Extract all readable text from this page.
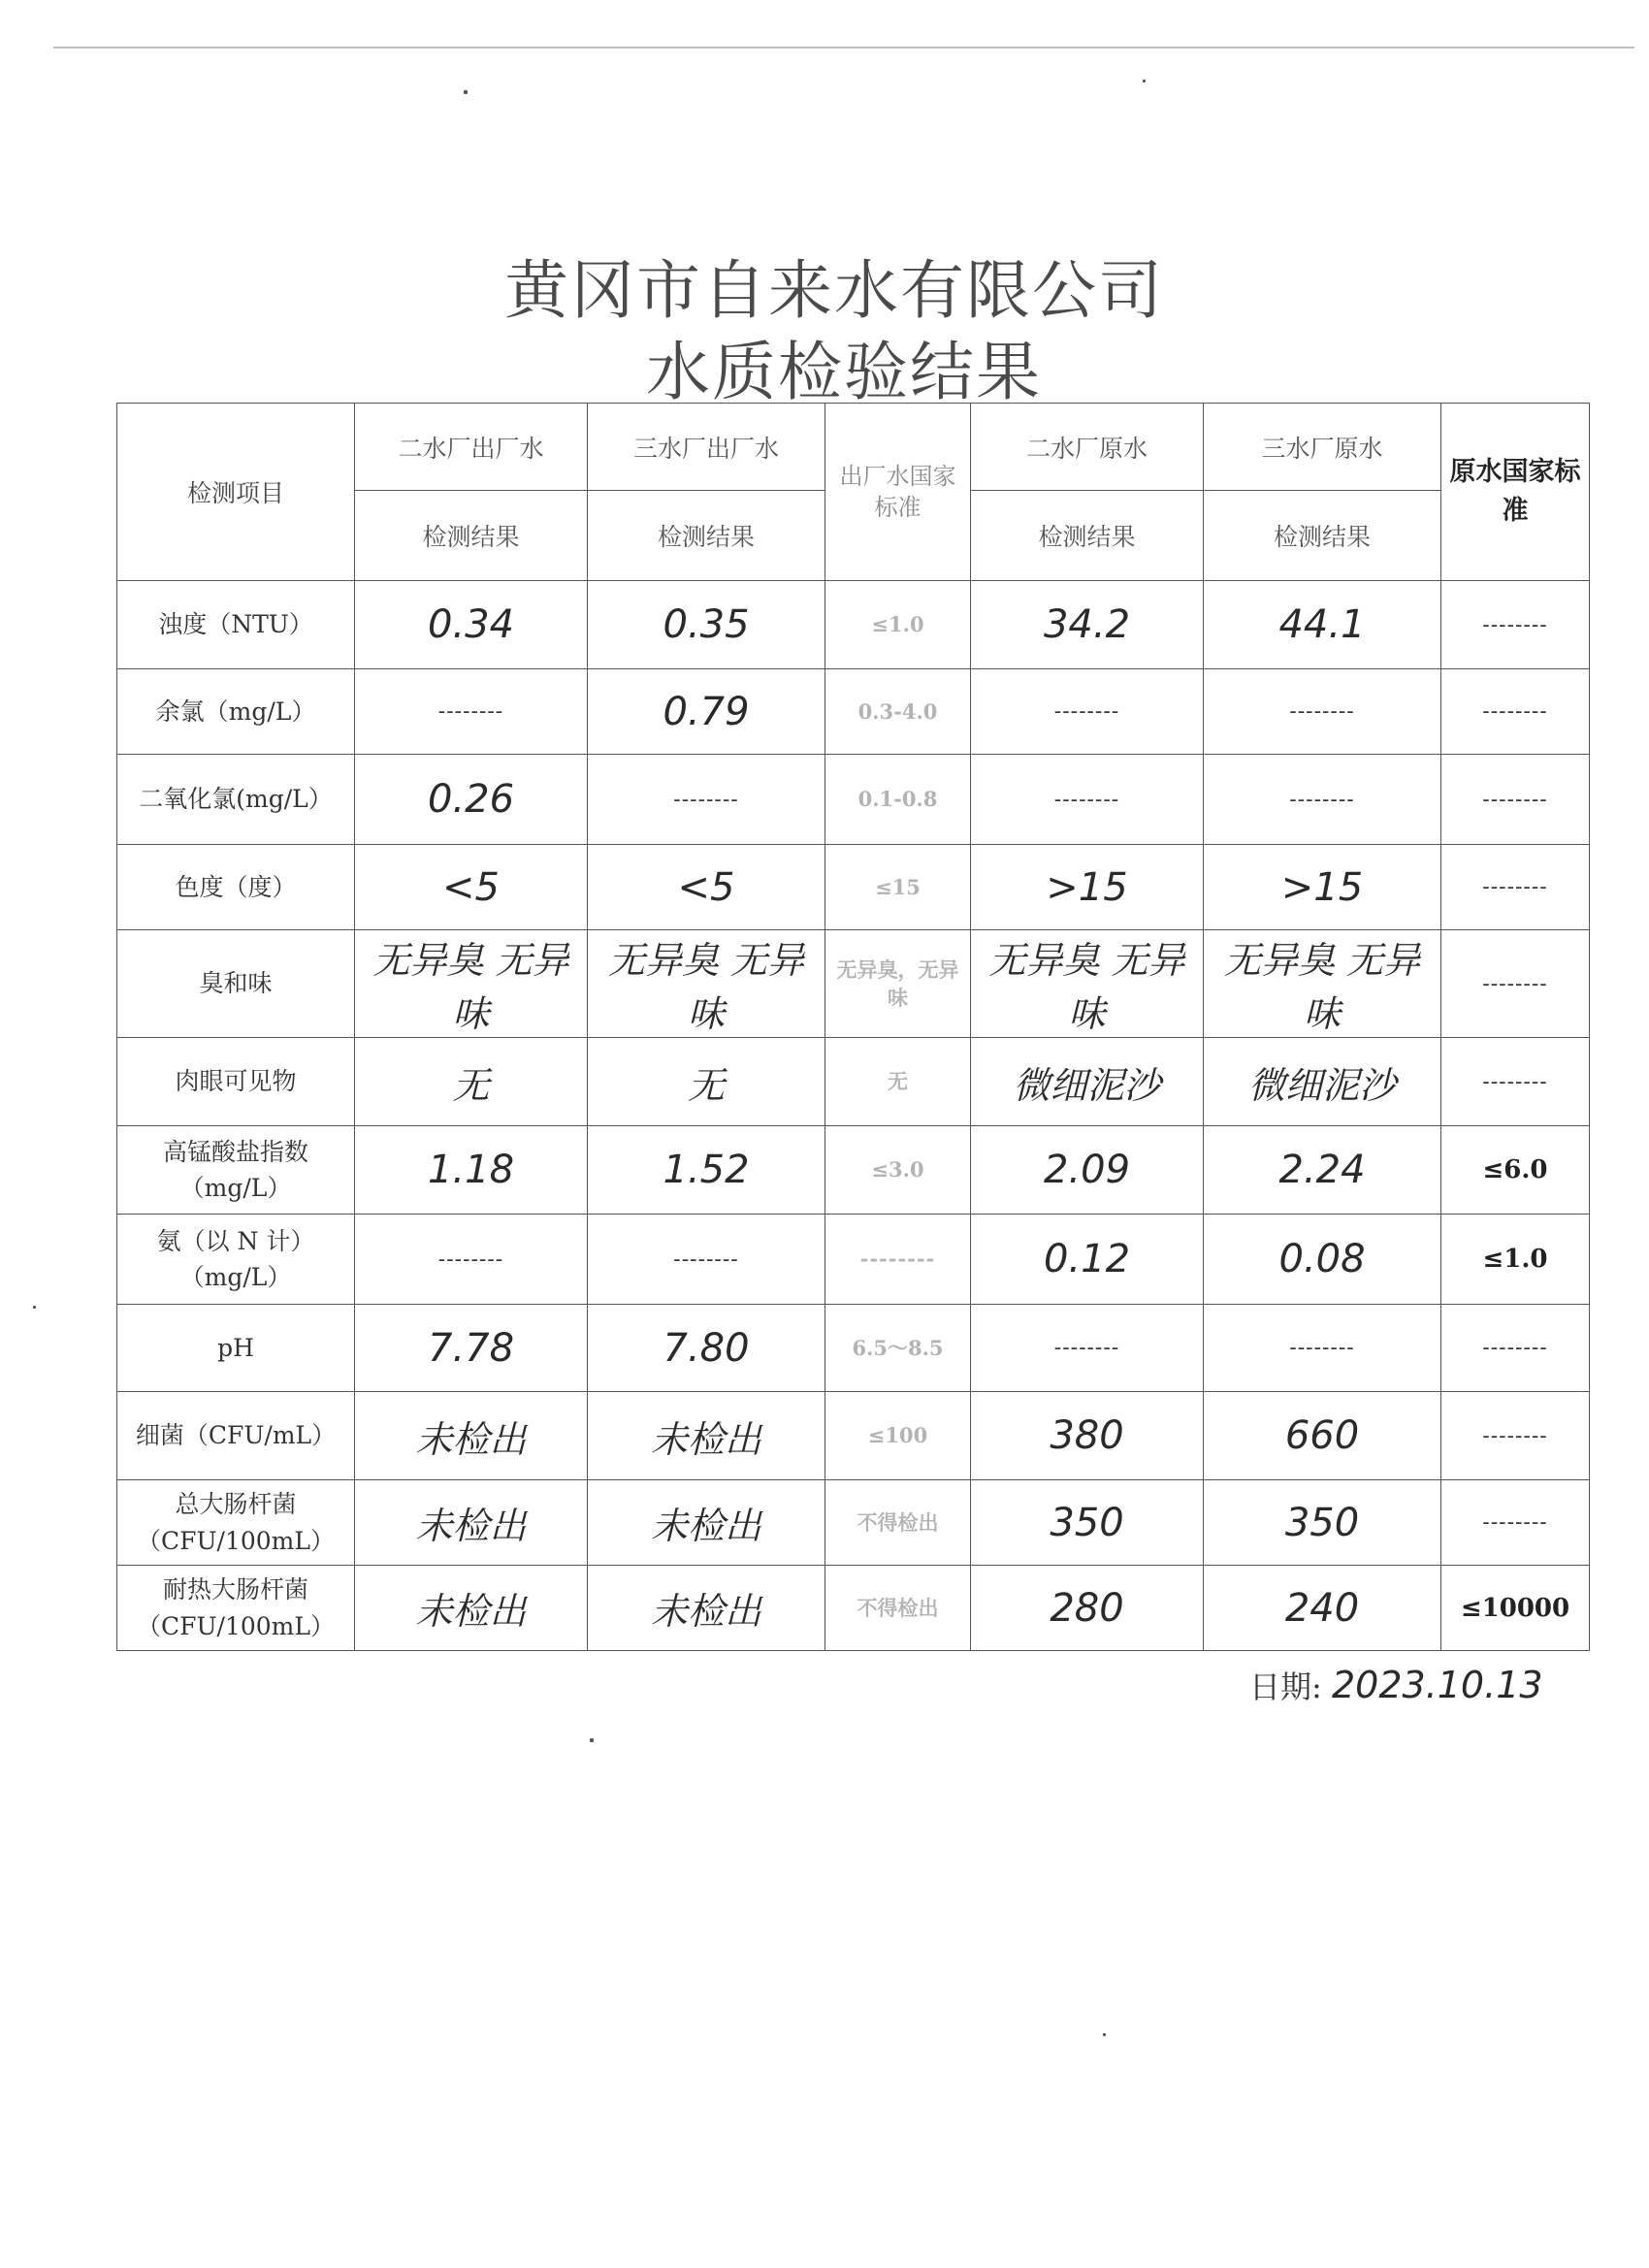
黄冈市自来水有限公司
水质检验结果
检测项目	二水厂出厂水	三水厂出厂水	出厂水国家标准	二水厂原水	三水厂原水	原水国家标准
	检测结果	检测结果		检测结果	检测结果	
浊度（NTU）	0.34	0.35	≤1.0	34.2	44.1	--------
余氯（mg/L）	--------	0.79	0.3-4.0	--------	--------	--------
二氧化氯(mg/L）	0.26	--------	0.1-0.8	--------	--------	--------
色度（度）	<5	<5	≤15	>15	>15	--------
臭和味	无异臭 无异味	无异臭 无异味	无异臭，无异味	无异臭 无异味	无异臭 无异味	--------
肉眼可见物	无	无	无	微细泥沙	微细泥沙	--------
高锰酸盐指数（mg/L）	1.18	1.52	≤3.0	2.09	2.24	≤6.0
氨（以 N 计）（mg/L）	--------	--------	--------	0.12	0.08	≤1.0
pH	7.78	7.80	6.5～8.5	--------	--------	--------
细菌（CFU/mL）	未检出	未检出	≤100	380	660	--------
总大肠杆菌（CFU/100mL）	未检出	未检出	不得检出	350	350	--------
耐热大肠杆菌（CFU/100mL）	未检出	未检出	不得检出	280	240	≤10000
日期: 2023.10.13
